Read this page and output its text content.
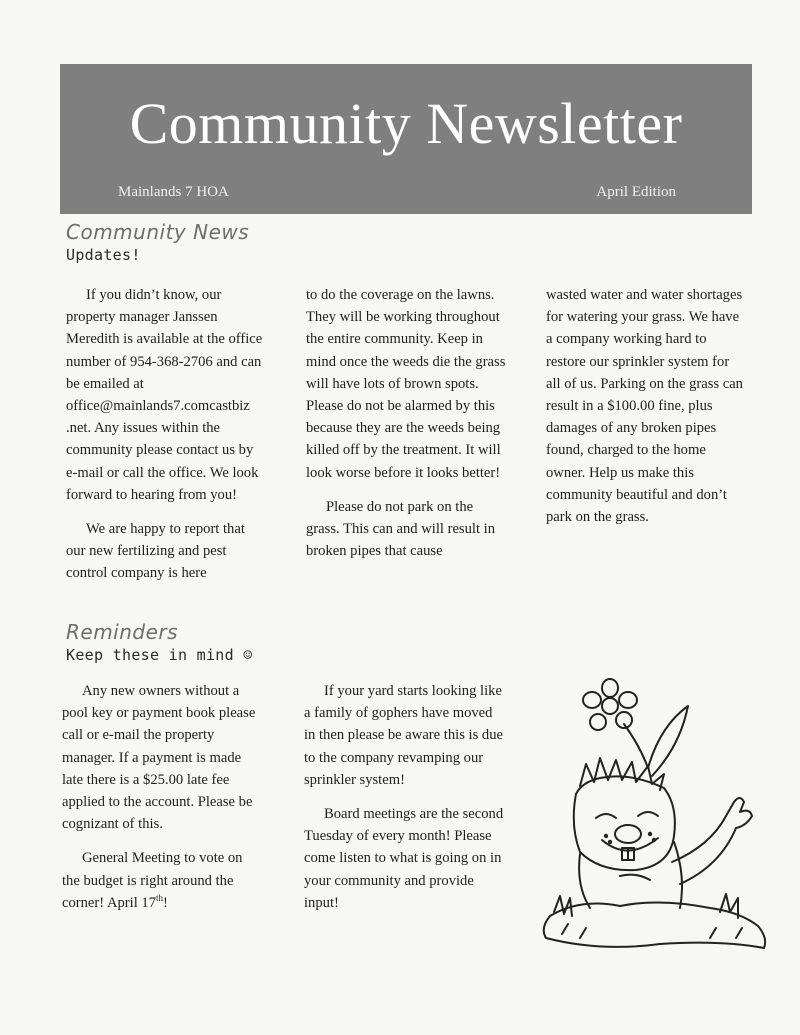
Community Newsletter
Mainlands 7 HOA	April Edition
Community News
Updates!

If you didn’t know, our property manager Janssen Meredith is available at the office number of 954-368-2706 and can be emailed at office@mainlands7.comcastbiz .net. Any issues within the community please contact us by e-mail or call the office. We look forward to hearing from you!

We are happy to report that our new fertilizing and pest control company is here

to do the coverage on the lawns. They will be working throughout the entire community. Keep in mind once the weeds die the grass will have lots of brown spots. Please do not be alarmed by this because they are the weeds being killed off by the treatment. It will look worse before it looks better!

Please do not park on the grass. This can and will result in broken pipes that cause

wasted water and water shortages for watering your grass. We have a company working hard to restore our sprinkler system for all of us. Parking on the grass can result in a $100.00 fine, plus damages of any broken pipes found, charged to the home owner. Help us make this community beautiful and don’t park on the grass.

Reminders
Keep these in mind ☺

Any new owners without a pool key or payment book please call or e-mail the property manager. If a payment is made late there is a $25.00 late fee applied to the account. Please be cognizant of this.

General Meeting to vote on the budget is right around the corner! April 17th!

If your yard starts looking like a family of gophers have moved in then please be aware this is due to the company revamping our sprinkler system!

Board meetings are the second Tuesday of every month! Please come listen to what is going on in your community and provide input!
